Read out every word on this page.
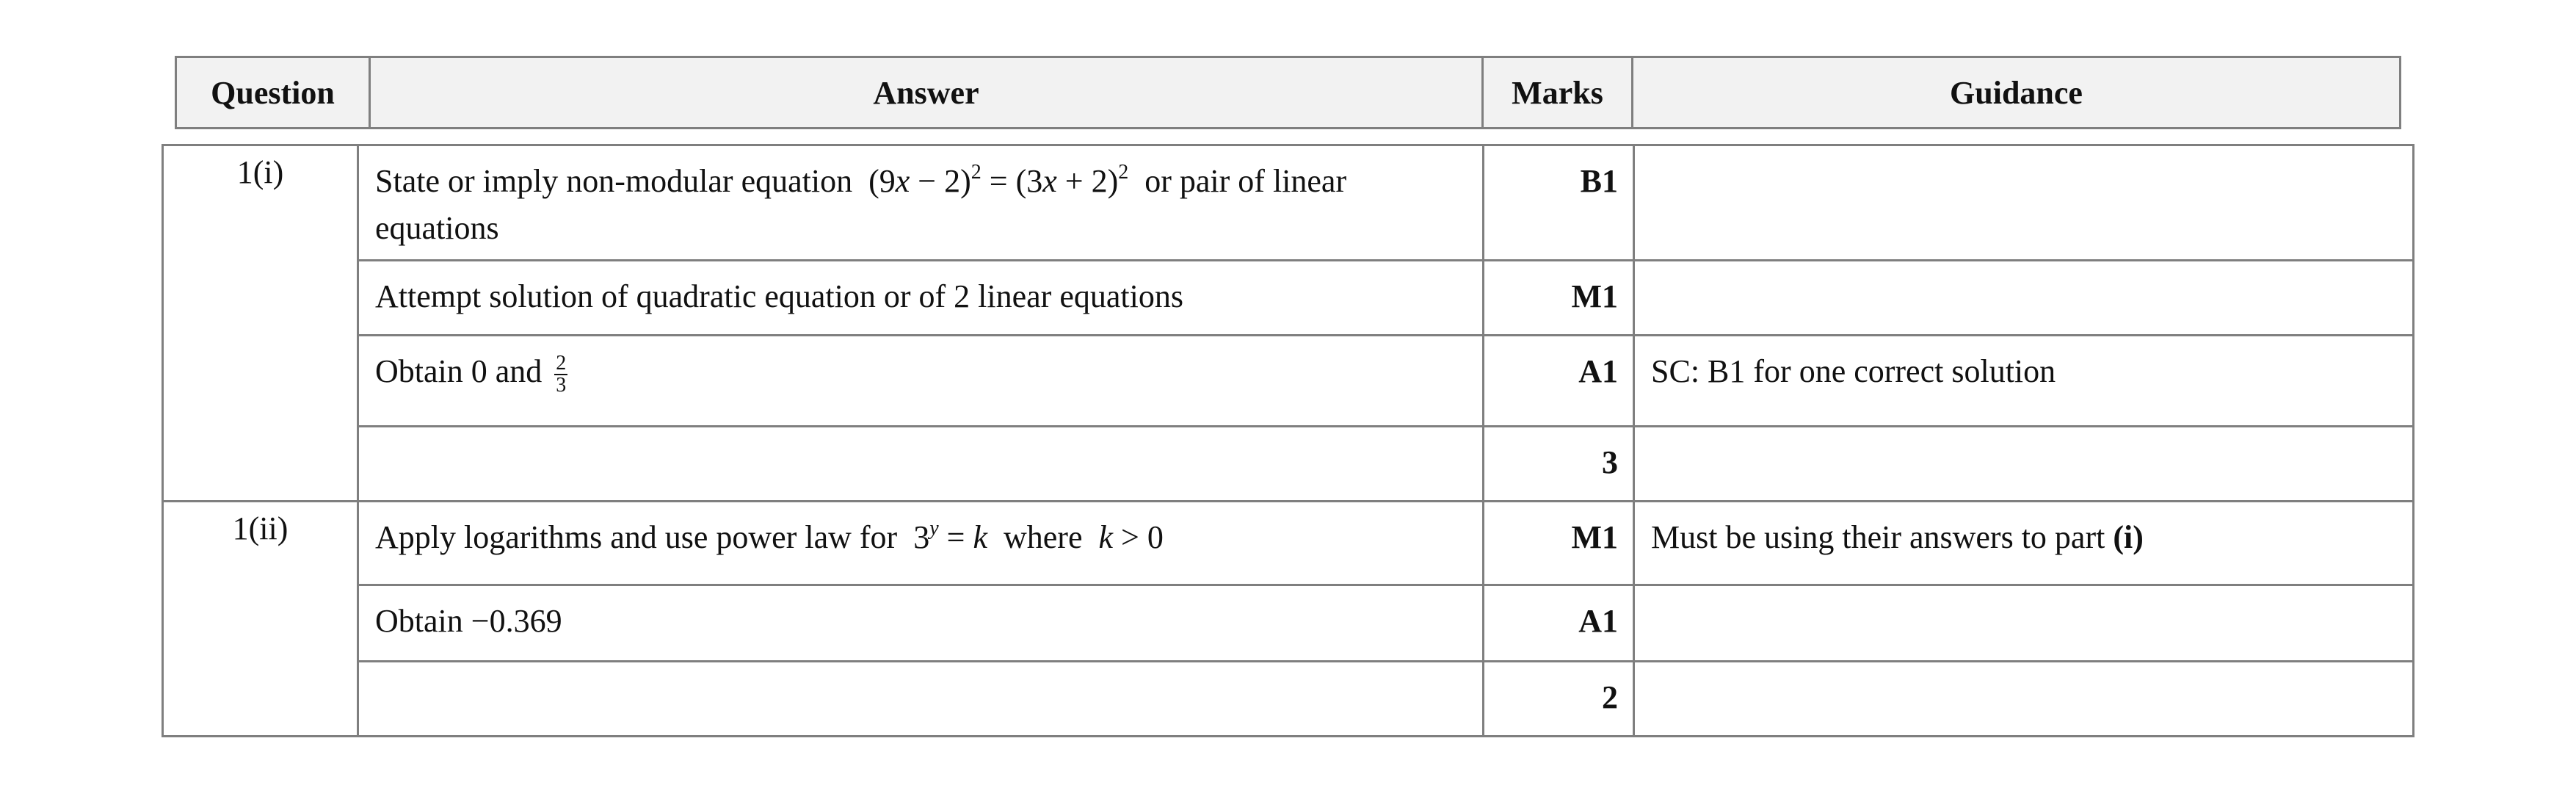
Question	Answer	Marks	Guidance
1(i)	State or imply non-modular equation $(9x - 2)^2 = (3x + 2)^2$ or pair of linear equations	B1	
	Attempt solution of quadratic equation or of 2 linear equations	M1	
	Obtain 0 and $\frac{2}{3}$	A1	SC: B1 for one correct solution
		3	
1(ii)	Apply logarithms and use power law for $3^y = k$ where k > 0	M1	Must be using their answers to part (i)
	Obtain −0.369	A1	
		2	
